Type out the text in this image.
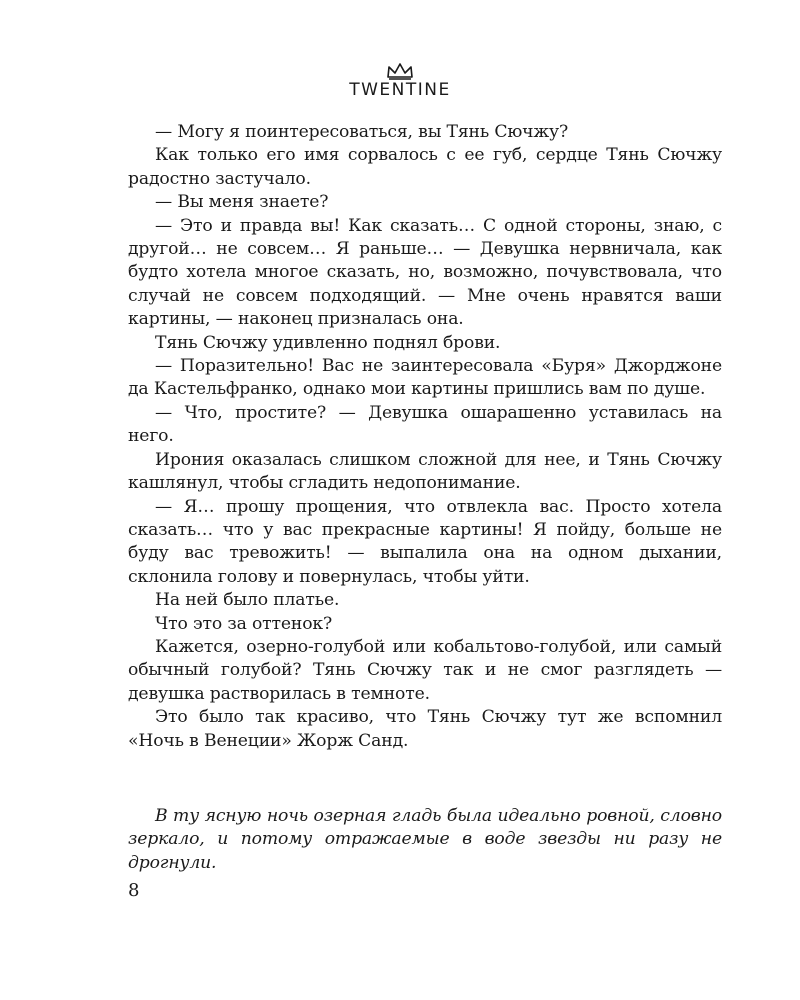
TWENTINE

— Могу я поинтересоваться, вы Тянь Сючжу?

Как только его имя сорвалось с ее губ, сердце Тянь Сючжу радостно застучало.

— Вы меня знаете?

— Это и правда вы! Как сказать… С одной стороны, знаю, с другой… не совсем… Я раньше… — Девушка нервничала, как будто хотела многое сказать, но, возможно, почувствовала, что случай не совсем подходящий. — Мне очень нравятся ваши картины, — наконец призналась она.

Тянь Сючжу удивленно поднял брови.

— Поразительно! Вас не заинтересовала «Буря» Джорджоне да Кастельфранко, однако мои картины пришлись вам по душе.

— Что, простите? — Девушка ошарашенно уставилась на него.

Ирония оказалась слишком сложной для нее, и Тянь Сючжу кашлянул, чтобы сгладить недопонимание.

— Я… прошу прощения, что отвлекла вас. Просто хотела сказать… что у вас прекрасные картины! Я пойду, больше не буду вас тревожить! — выпалила она на одном дыхании, склонила голову и повернулась, чтобы уйти.

На ней было платье.

Что это за оттенок?

Кажется, озерно-голубой или кобальтово-голубой, или самый обычный голубой? Тянь Сючжу так и не смог разглядеть — девушка растворилась в темноте.

Это было так красиво, что Тянь Сючжу тут же вспомнил «Ночь в Венеции» Жорж Санд.

В ту ясную ночь озерная гладь была идеально ровной, словно зеркало, и потому отражаемые в воде звезды ни разу не дрогнули.

8
